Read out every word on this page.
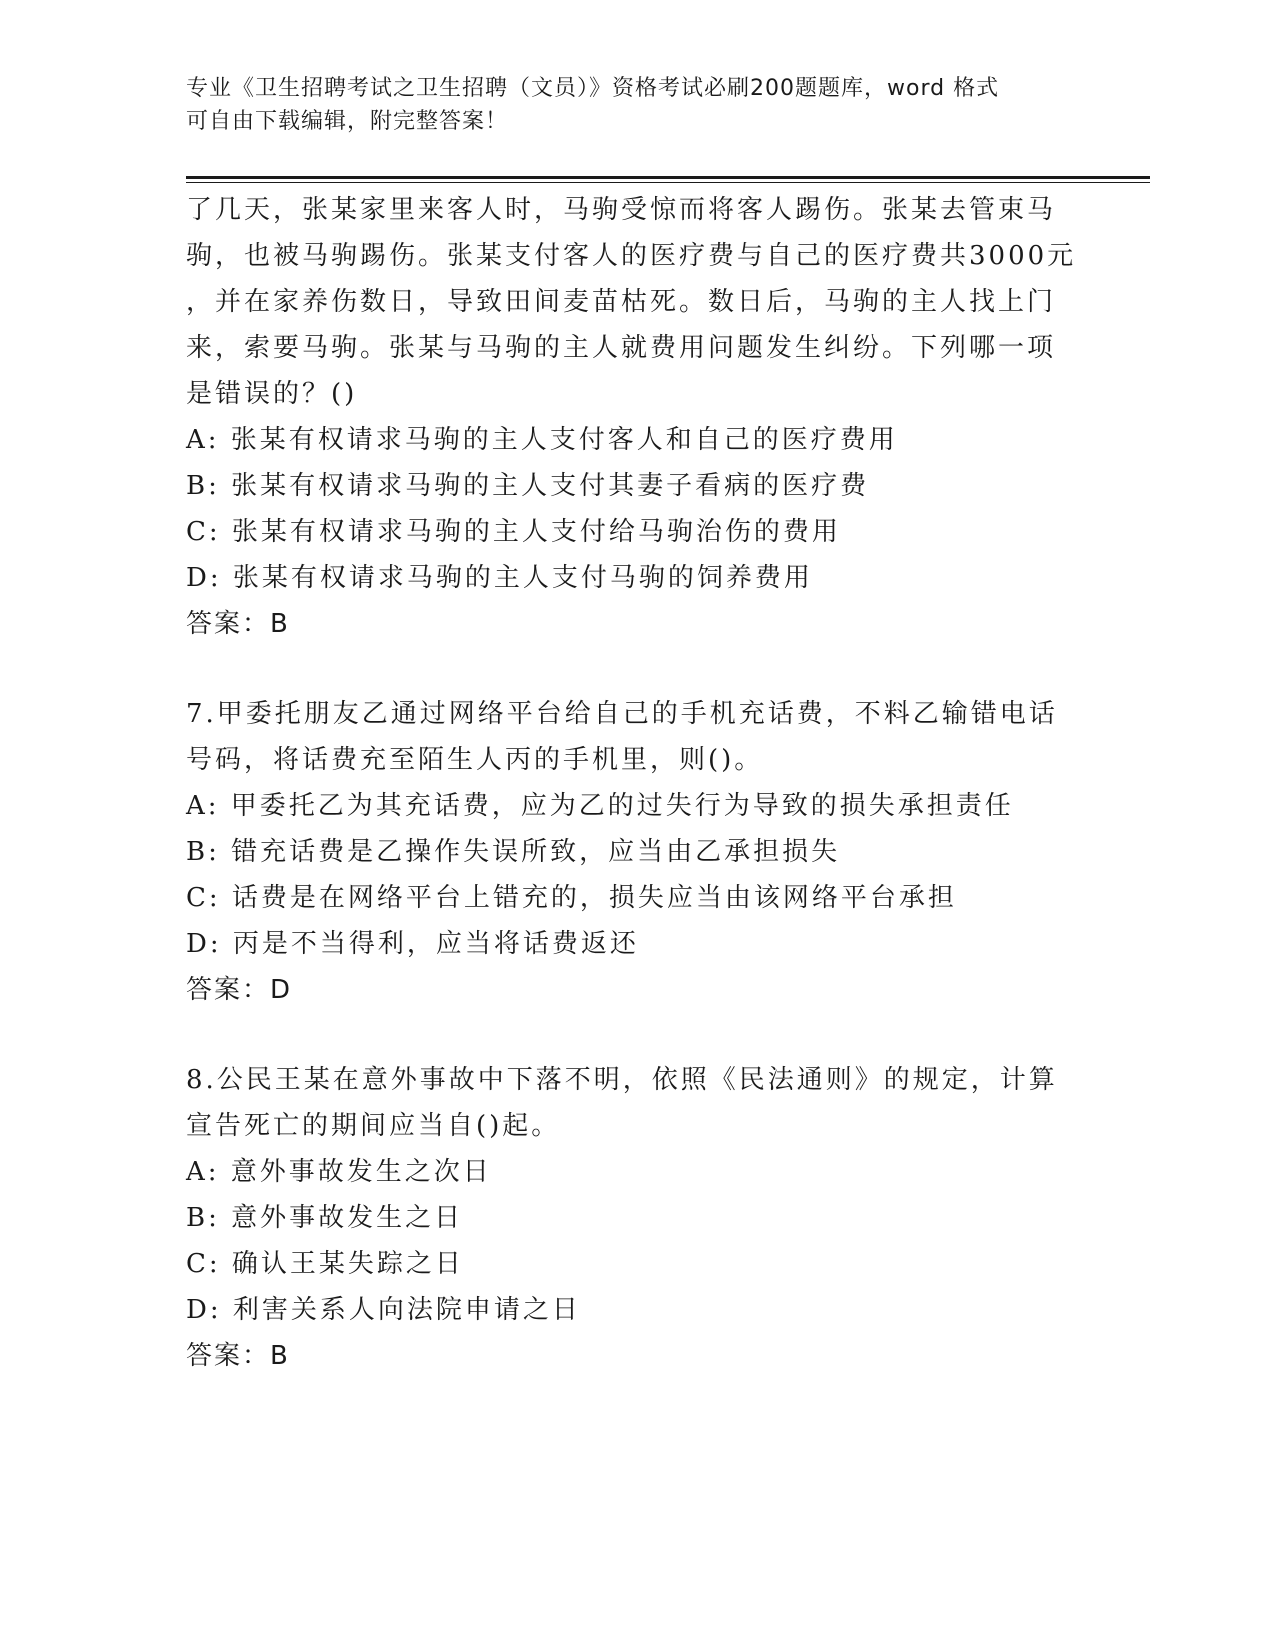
专业《卫生招聘考试之卫生招聘（文员）》资格考试必刷200题题库，word 格式
可自由下载编辑，附完整答案！
了几天，张某家里来客人时，马驹受惊而将客人踢伤。张某去管束马
驹，也被马驹踢伤。张某支付客人的医疗费与自己的医疗费共3000元
，并在家养伤数日，导致田间麦苗枯死。数日后，马驹的主人找上门
来，索要马驹。张某与马驹的主人就费用问题发生纠纷。下列哪一项
是错误的？()
A: 张某有权请求马驹的主人支付客人和自己的医疗费用
B: 张某有权请求马驹的主人支付其妻子看病的医疗费
C: 张某有权请求马驹的主人支付给马驹治伤的费用
D: 张某有权请求马驹的主人支付马驹的饲养费用
答案：B
7.甲委托朋友乙通过网络平台给自己的手机充话费，不料乙输错电话
号码，将话费充至陌生人丙的手机里，则()。
A: 甲委托乙为其充话费，应为乙的过失行为导致的损失承担责任
B: 错充话费是乙操作失误所致，应当由乙承担损失
C: 话费是在网络平台上错充的，损失应当由该网络平台承担
D: 丙是不当得利，应当将话费返还
答案：D
8.公民王某在意外事故中下落不明，依照《民法通则》的规定，计算
宣告死亡的期间应当自()起。
A: 意外事故发生之次日
B: 意外事故发生之日
C: 确认王某失踪之日
D: 利害关系人向法院申请之日
答案：B
